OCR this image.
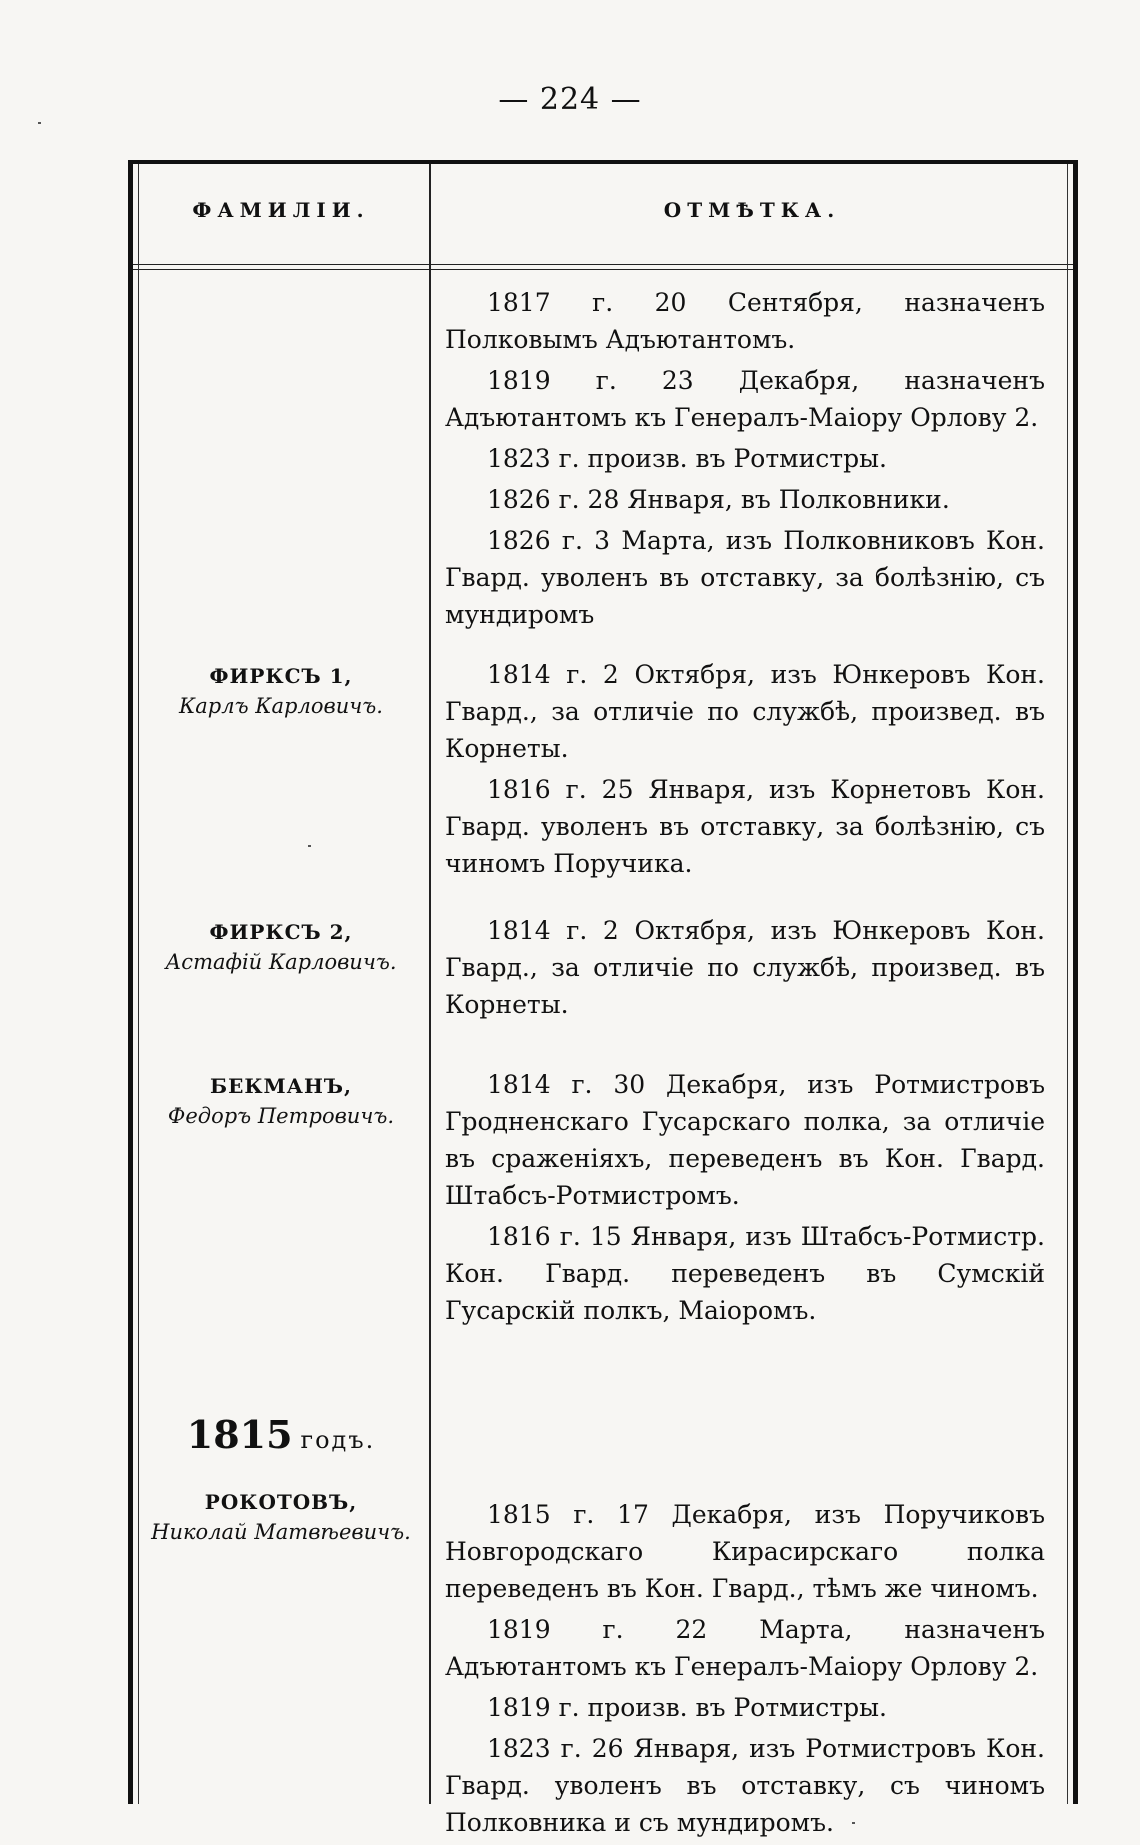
— 224 —
ФАМИЛІИ.	ОТМѢТКА.

1817 г. 20 Сентября, назначенъ Полковымъ Адъютантомъ.

1819 г. 23 Декабря, назначенъ Адъютантомъ къ Генералъ-Маіору Орлову 2.

1823 г. произв. въ Ротмистры.

1826 г. 28 Января, въ Полковники.

1826 г. 3 Марта, изъ Полковниковъ Кон. Гвард. уволенъ въ отставку, за болѣзнію, съ мундиромъ

ФИРКСЪ 1,
Карлъ Карловичъ.

1814 г. 2 Октября, изъ Юнкеровъ Кон. Гвард., за отличіе по службѣ, произвед. въ Корнеты.

1816 г. 25 Января, изъ Корнетовъ Кон. Гвард. уволенъ въ отставку, за болѣзнію, съ чиномъ Поручика.

ФИРКСЪ 2,
Астафій Карловичъ.

1814 г. 2 Октября, изъ Юнкеровъ Кон. Гвард., за отличіе по службѣ, произвед. въ Корнеты.

БЕКМАНЪ,
Федоръ Петровичъ.

1814 г. 30 Декабря, изъ Ротмистровъ Гродненскаго Гусарскаго полка, за отличіе въ сраженіяхъ, переведенъ въ Кон. Гвард. Штабсъ-Ротмистромъ.

1816 г. 15 Января, изъ Штабсъ-Ротмистр. Кон. Гвард. переведенъ въ Сумскій Гусарскій полкъ, Маіоромъ.

1815 годъ.
РОКОТОВЪ,
Николай Матвѣевичъ.

1815 г. 17 Декабря, изъ Поручиковъ Новгородскаго Кирасирскаго полка переведенъ въ Кон. Гвард., тѣмъ же чиномъ.

1819 г. 22 Марта, назначенъ Адъютантомъ къ Генералъ-Маіору Орлову 2.

1819 г. произв. въ Ротмистры.

1823 г. 26 Января, изъ Ротмистровъ Кон. Гвард. уволенъ въ отставку, съ чиномъ Полковника и съ мундиромъ.
